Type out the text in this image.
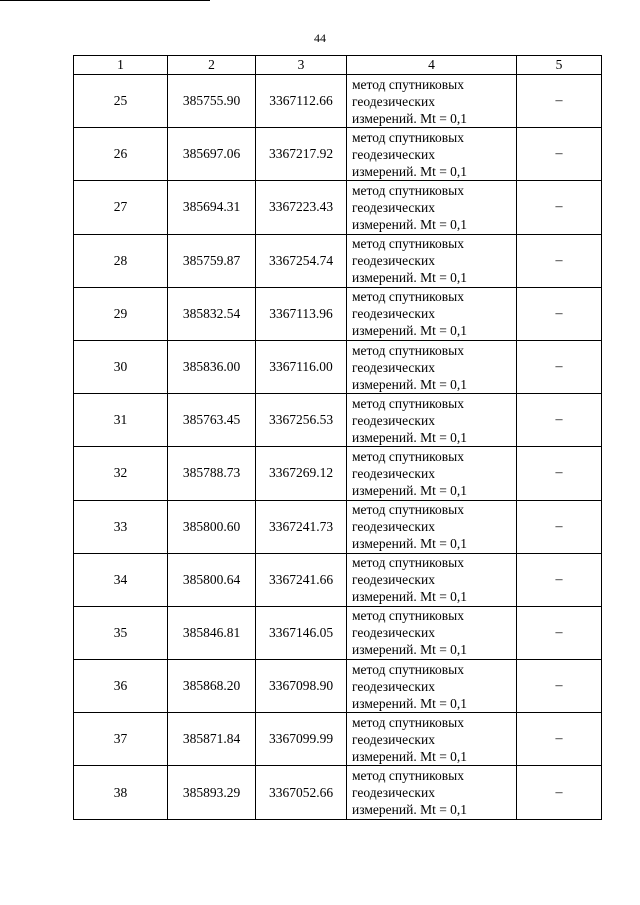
44
1	2	3	4	5
25	385755.90	3367112.66	метод спутниковых
геодезических
измерений. Mt = 0,1	–
26	385697.06	3367217.92	метод спутниковых
геодезических
измерений. Mt = 0,1	–
27	385694.31	3367223.43	метод спутниковых
геодезических
измерений. Mt = 0,1	–
28	385759.87	3367254.74	метод спутниковых
геодезических
измерений. Mt = 0,1	–
29	385832.54	3367113.96	метод спутниковых
геодезических
измерений. Mt = 0,1	–
30	385836.00	3367116.00	метод спутниковых
геодезических
измерений. Mt = 0,1	–
31	385763.45	3367256.53	метод спутниковых
геодезических
измерений. Mt = 0,1	–
32	385788.73	3367269.12	метод спутниковых
геодезических
измерений. Mt = 0,1	–
33	385800.60	3367241.73	метод спутниковых
геодезических
измерений. Mt = 0,1	–
34	385800.64	3367241.66	метод спутниковых
геодезических
измерений. Mt = 0,1	–
35	385846.81	3367146.05	метод спутниковых
геодезических
измерений. Mt = 0,1	–
36	385868.20	3367098.90	метод спутниковых
геодезических
измерений. Mt = 0,1	–
37	385871.84	3367099.99	метод спутниковых
геодезических
измерений. Mt = 0,1	–
38	385893.29	3367052.66	метод спутниковых
геодезических
измерений. Mt = 0,1	–
